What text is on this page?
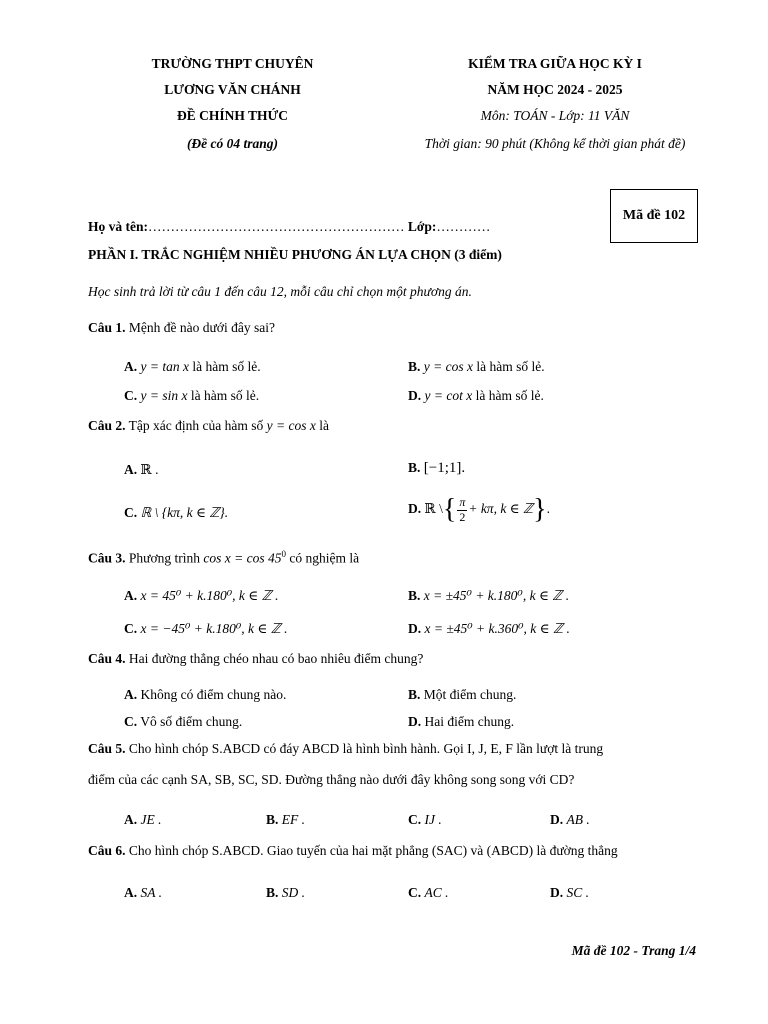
TRƯỜNG THPT CHUYÊN
LƯƠNG VĂN CHÁNH
ĐỀ CHÍNH THỨC
(Đề có 04 trang)
KIỂM TRA GIỮA HỌC KỲ I
NĂM HỌC 2024 - 2025
Môn: TOÁN - Lớp: 11 VĂN
Thời gian: 90 phút (Không kể thời gian phát đề)
Mã đề 102
Họ và tên:………………………………………………… Lớp:…………
PHẦN I. TRẮC NGHIỆM NHIỀU PHƯƠNG ÁN LỰA CHỌN (3 điểm)
Học sinh trả lời từ câu 1 đến câu 12, mỗi câu chỉ chọn một phương án.
Câu 1. Mệnh đề nào dưới đây sai?
A. y = tan x là hàm số lẻ.	B. y = cos x là hàm số lẻ.
C. y = sin x là hàm số lẻ.	D. y = cot x là hàm số lẻ.
Câu 2. Tập xác định của hàm số y = cos x là
A. ℝ .	B. [−1;1].
C. ℝ \ {kπ, k ∈ ℤ}.	D. ℝ \{ $\frac{\pi}{2} + k\pi$, k ∈ ℤ}.
Câu 3. Phương trình $\cos x = \cos 45^0$ có nghiệm là
A. x = 45⁰ + k.180⁰, k ∈ ℤ .	B. x = ±45⁰ + k.180⁰, k ∈ ℤ .
C. x = −45⁰ + k.180⁰, k ∈ ℤ .	D. x = ±45⁰ + k.360⁰, k ∈ ℤ .
Câu 4. Hai đường thẳng chéo nhau có bao nhiêu điểm chung?
A. Không có điểm chung nào.	B. Một điểm chung.
C. Vô số điểm chung.	D. Hai điểm chung.
Câu 5. Cho hình chóp S.ABCD có đáy ABCD là hình bình hành. Gọi I, J, E, F lần lượt là trung
điểm của các cạnh SA, SB, SC, SD. Đường thẳng nào dưới đây không song song với CD?
A. JE .	B. EF .	C. IJ .	D. AB .
Câu 6. Cho hình chóp S.ABCD. Giao tuyến của hai mặt phẳng (SAC) và (ABCD) là đường thẳng
A. SA .	B. SD .	C. AC .	D. SC .
Mã đề 102 - Trang 1/4
